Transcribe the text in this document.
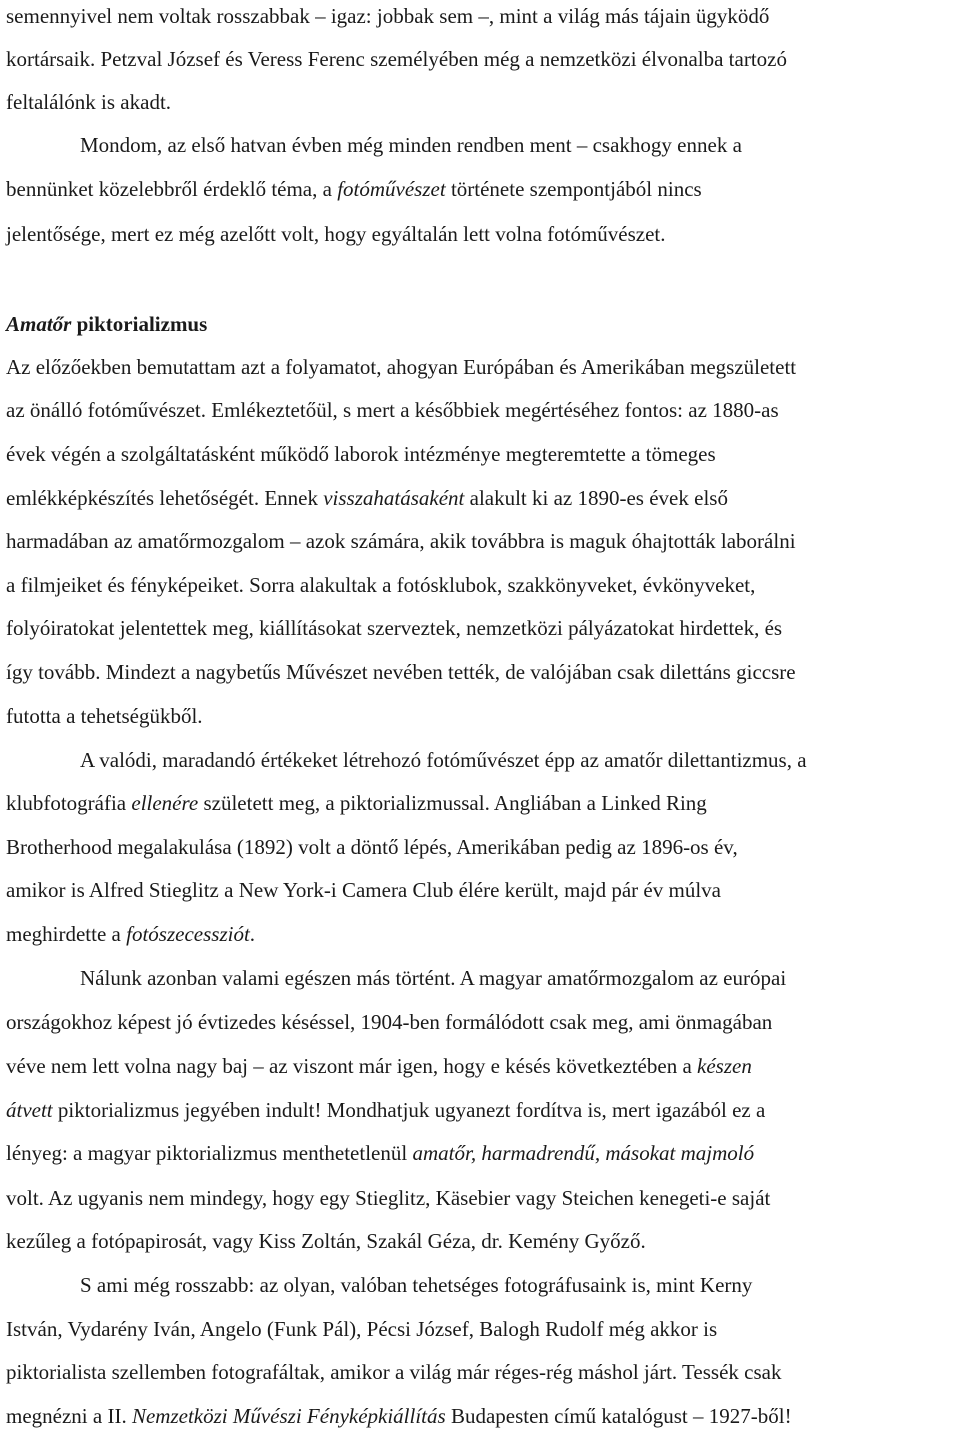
semennyivel nem voltak rosszabbak – igaz: jobbak sem –, mint a világ más tájain ügyködő

kortársaik. Petzval József és Veress Ferenc személyében még a nemzetközi élvonalba tartozó

feltalálónk is akadt.

Mondom, az első hatvan évben még minden rendben ment – csakhogy ennek a

bennünket közelebbről érdeklő téma, a fotóművészet története szempontjából nincs

jelentősége, mert ez még azelőtt volt, hogy egyáltalán lett volna fotóművészet.

Amatőr piktorializmus

Az előzőekben bemutattam azt a folyamatot, ahogyan Európában és Amerikában megszületett

az önálló fotóművészet. Emlékeztetőül, s mert a későbbiek megértéséhez fontos: az 1880-as

évek végén a szolgáltatásként működő laborok intézménye megteremtette a tömeges

emlékképkészítés lehetőségét. Ennek visszahatásaként alakult ki az 1890-es évek első

harmadában az amatőrmozgalom – azok számára, akik továbbra is maguk óhajtották laborálni

a filmjeiket és fényképeiket. Sorra alakultak a fotósklubok, szakkönyveket, évkönyveket,

folyóiratokat jelentettek meg, kiállításokat szerveztek, nemzetközi pályázatokat hirdettek, és

így tovább. Mindezt a nagybetűs Művészet nevében tették, de valójában csak dilettáns giccsre

futotta a tehetségükből.

A valódi, maradandó értékeket létrehozó fotóművészet épp az amatőr dilettantizmus, a

klubfotográfia ellenére született meg, a piktorializmussal. Angliában a Linked Ring

Brotherhood megalakulása (1892) volt a döntő lépés, Amerikában pedig az 1896-os év,

amikor is Alfred Stieglitz a New York-i Camera Club élére került, majd pár év múlva

meghirdette a fotószecessziót.

Nálunk azonban valami egészen más történt. A magyar amatőrmozgalom az európai

országokhoz képest jó évtizedes késéssel, 1904-ben formálódott csak meg, ami önmagában

véve nem lett volna nagy baj – az viszont már igen, hogy e késés következtében a készen

átvett piktorializmus jegyében indult! Mondhatjuk ugyanezt fordítva is, mert igazából ez a

lényeg: a magyar piktorializmus menthetetlenül amatőr, harmadrendű, másokat majmoló

volt. Az ugyanis nem mindegy, hogy egy Stieglitz, Käsebier vagy Steichen kenegeti-e saját

kezűleg a fotópapirosát, vagy Kiss Zoltán, Szakál Géza, dr. Kemény Győző.

S ami még rosszabb: az olyan, valóban tehetséges fotográfusaink is, mint Kerny

István, Vydarény Iván, Angelo (Funk Pál), Pécsi József, Balogh Rudolf még akkor is

piktorialista szellemben fotografáltak, amikor a világ már réges-rég máshol járt. Tessék csak

megnézni a II. Nemzetközi Művészi Fényképkiállítás Budapesten című katalógust – 1927-ből!
